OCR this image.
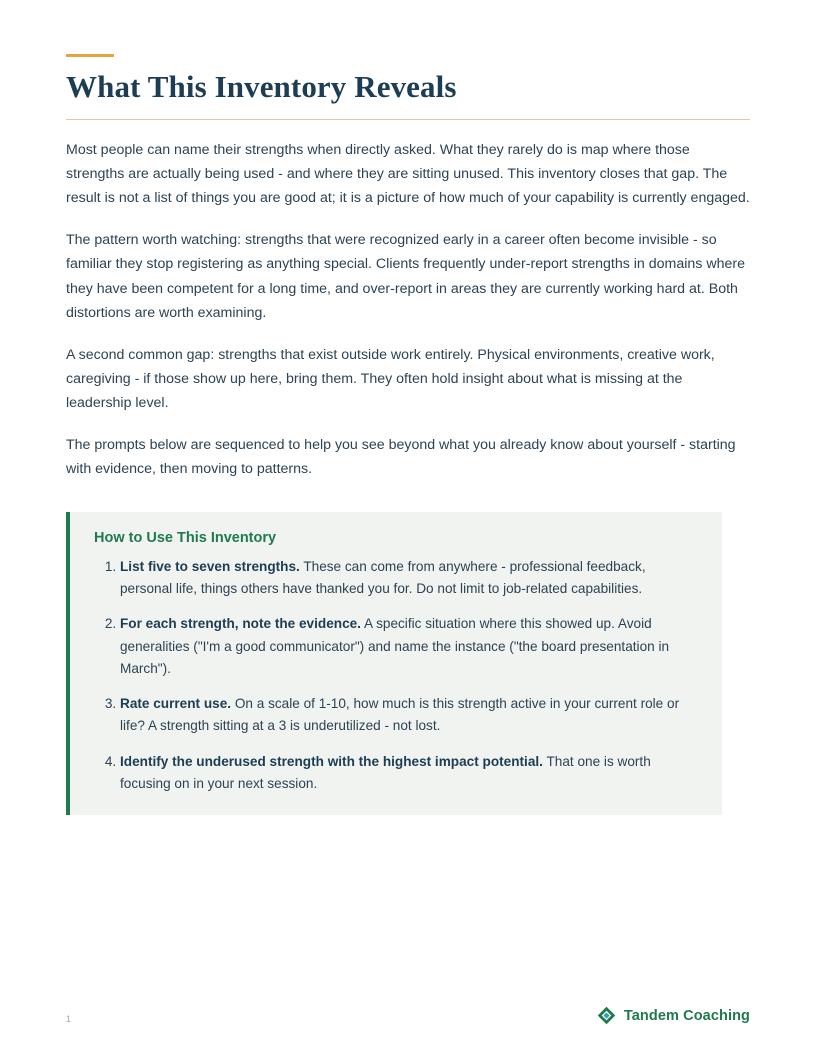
What This Inventory Reveals

Most people can name their strengths when directly asked. What they rarely do is map where those strengths are actually being used - and where they are sitting unused. This inventory closes that gap. The result is not a list of things you are good at; it is a picture of how much of your capability is currently engaged.

The pattern worth watching: strengths that were recognized early in a career often become invisible - so familiar they stop registering as anything special. Clients frequently under-report strengths in domains where they have been competent for a long time, and over-report in areas they are currently working hard at. Both distortions are worth examining.

A second common gap: strengths that exist outside work entirely. Physical environments, creative work, caregiving - if those show up here, bring them. They often hold insight about what is missing at the leadership level.

The prompts below are sequenced to help you see beyond what you already know about yourself - starting with evidence, then moving to patterns.

How to Use This Inventory
1. List five to seven strengths. These can come from anywhere - professional feedback, personal life, things others have thanked you for. Do not limit to job-related capabilities.
2. For each strength, note the evidence. A specific situation where this showed up. Avoid generalities ("I'm a good communicator") and name the instance ("the board presentation in March").
3. Rate current use. On a scale of 1-10, how much is this strength active in your current role or life? A strength sitting at a 3 is underutilized - not lost.
4. Identify the underused strength with the highest impact potential. That one is worth focusing on in your next session.
1	Tandem Coaching
